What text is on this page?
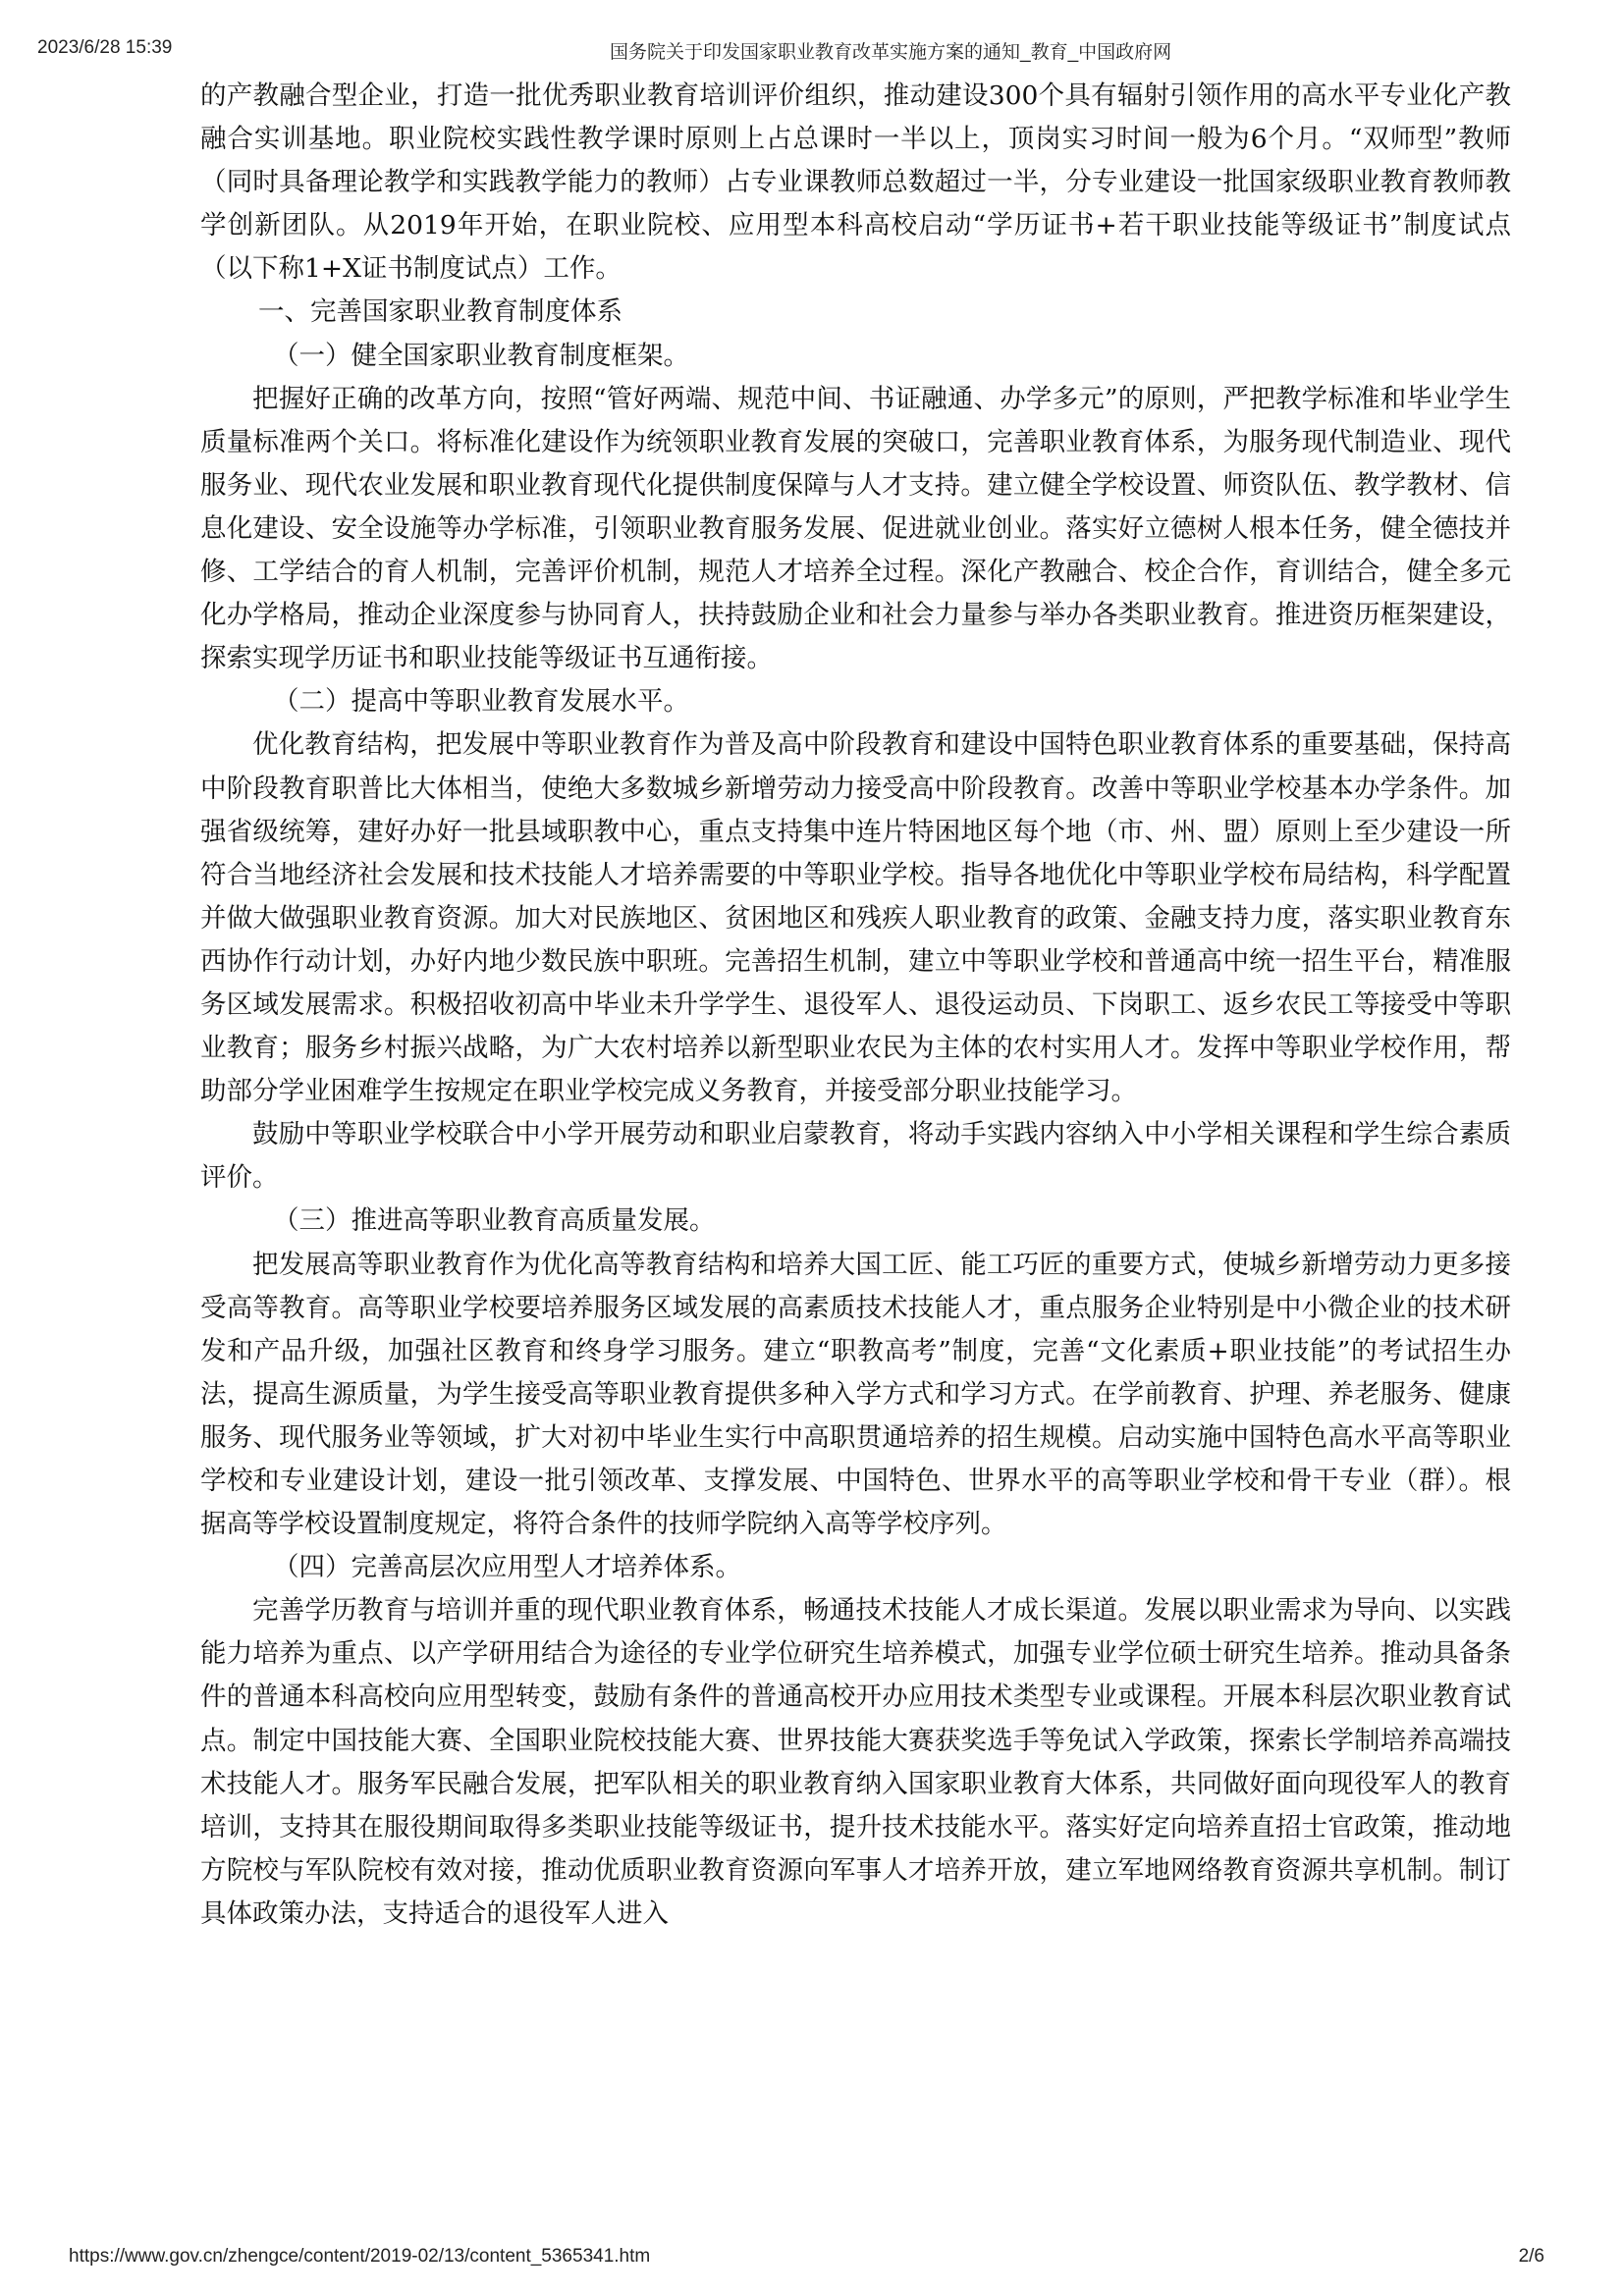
2023/6/28 15:39	国务院关于印发国家职业教育改革实施方案的通知_教育_中国政府网

的产教融合型企业，打造一批优秀职业教育培训评价组织，推动建设300个具有辐射引领作用的高水平专业化产教融合实训基地。职业院校实践性教学课时原则上占总课时一半以上，顶岗实习时间一般为6个月。“双师型”教师（同时具备理论教学和实践教学能力的教师）占专业课教师总数超过一半，分专业建设一批国家级职业教育教师教学创新团队。从2019年开始，在职业院校、应用型本科高校启动“学历证书+若干职业技能等级证书”制度试点（以下称1+X证书制度试点）工作。

一、完善国家职业教育制度体系

（一）健全国家职业教育制度框架。

把握好正确的改革方向，按照“管好两端、规范中间、书证融通、办学多元”的原则，严把教学标准和毕业学生质量标准两个关口。将标准化建设作为统领职业教育发展的突破口，完善职业教育体系，为服务现代制造业、现代服务业、现代农业发展和职业教育现代化提供制度保障与人才支持。建立健全学校设置、师资队伍、教学教材、信息化建设、安全设施等办学标准，引领职业教育服务发展、促进就业创业。落实好立德树人根本任务，健全德技并修、工学结合的育人机制，完善评价机制，规范人才培养全过程。深化产教融合、校企合作，育训结合，健全多元化办学格局，推动企业深度参与协同育人，扶持鼓励企业和社会力量参与举办各类职业教育。推进资历框架建设，探索实现学历证书和职业技能等级证书互通衔接。

（二）提高中等职业教育发展水平。

优化教育结构，把发展中等职业教育作为普及高中阶段教育和建设中国特色职业教育体系的重要基础，保持高中阶段教育职普比大体相当，使绝大多数城乡新增劳动力接受高中阶段教育。改善中等职业学校基本办学条件。加强省级统筹，建好办好一批县域职教中心，重点支持集中连片特困地区每个地（市、州、盟）原则上至少建设一所符合当地经济社会发展和技术技能人才培养需要的中等职业学校。指导各地优化中等职业学校布局结构，科学配置并做大做强职业教育资源。加大对民族地区、贫困地区和残疾人职业教育的政策、金融支持力度，落实职业教育东西协作行动计划，办好内地少数民族中职班。完善招生机制，建立中等职业学校和普通高中统一招生平台，精准服务区域发展需求。积极招收初高中毕业未升学学生、退役军人、退役运动员、下岗职工、返乡农民工等接受中等职业教育；服务乡村振兴战略，为广大农村培养以新型职业农民为主体的农村实用人才。发挥中等职业学校作用，帮助部分学业困难学生按规定在职业学校完成义务教育，并接受部分职业技能学习。

鼓励中等职业学校联合中小学开展劳动和职业启蒙教育，将动手实践内容纳入中小学相关课程和学生综合素质评价。

（三）推进高等职业教育高质量发展。

把发展高等职业教育作为优化高等教育结构和培养大国工匠、能工巧匠的重要方式，使城乡新增劳动力更多接受高等教育。高等职业学校要培养服务区域发展的高素质技术技能人才，重点服务企业特别是中小微企业的技术研发和产品升级，加强社区教育和终身学习服务。建立“职教高考”制度，完善“文化素质+职业技能”的考试招生办法，提高生源质量，为学生接受高等职业教育提供多种入学方式和学习方式。在学前教育、护理、养老服务、健康服务、现代服务业等领域，扩大对初中毕业生实行中高职贯通培养的招生规模。启动实施中国特色高水平高等职业学校和专业建设计划，建设一批引领改革、支撑发展、中国特色、世界水平的高等职业学校和骨干专业（群）。根据高等学校设置制度规定，将符合条件的技师学院纳入高等学校序列。

（四）完善高层次应用型人才培养体系。

完善学历教育与培训并重的现代职业教育体系，畅通技术技能人才成长渠道。发展以职业需求为导向、以实践能力培养为重点、以产学研用结合为途径的专业学位研究生培养模式，加强专业学位硕士研究生培养。推动具备条件的普通本科高校向应用型转变，鼓励有条件的普通高校开办应用技术类型专业或课程。开展本科层次职业教育试点。制定中国技能大赛、全国职业院校技能大赛、世界技能大赛获奖选手等免试入学政策，探索长学制培养高端技术技能人才。服务军民融合发展，把军队相关的职业教育纳入国家职业教育大体系，共同做好面向现役军人的教育培训，支持其在服役期间取得多类职业技能等级证书，提升技术技能水平。落实好定向培养直招士官政策，推动地方院校与军队院校有效对接，推动优质职业教育资源向军事人才培养开放，建立军地网络教育资源共享机制。制订具体政策办法，支持适合的退役军人进入

https://www.gov.cn/zhengce/content/2019-02/13/content_5365341.htm	2/6
